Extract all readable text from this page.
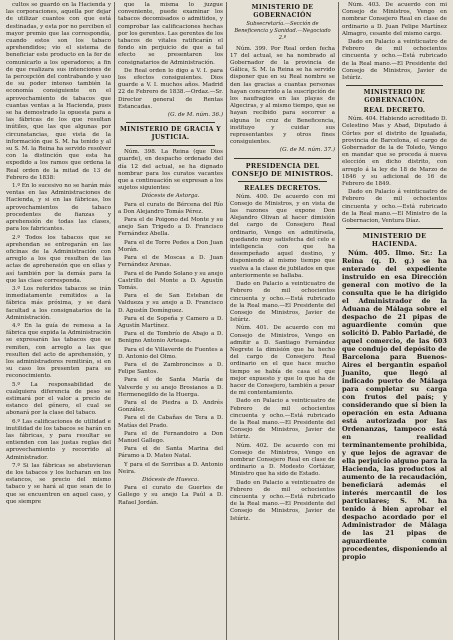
cultos se guardó en la Hacienda y las corporaciones, aquella por dejar de utilizar cuantos con que está destinadas, y esta por no perciben el mayor premio que las correspondía, cuando estos son los tabaco aprehendidos; vio el sistema de beneficiar este producto en la fer de comunicarlo a los operadores; a fin de que realizara sus intenciones de la percepción del contrabando y uso de su poder intenso también la economía consiguiente en el aprovechamiento de tabacos que cuantas ventas a la Hacienda, pues se ha demostrado la opuesta para a las fábricas de los que resultan inútiles, que las que algunas por circunstancias, que vista de la información que S. M. ha tenido y al su S. M. la Reina ha servido resolver con la distinción que esta ha expedido a los ramos que ordena la Real orden de la mitad de 13 de Febrero de 1838:

1.º En lo sucesivo no se harán más ventas en las Administraciones de Hacienda, y si en las fábricas, los aprovechamientos de tabaco procedentes de fianzas y aprehensión de todas las clases, para los fabricantes.

2.º Todos los tabacos que se aprehendan se entregarán en las oficinas de la Administración con arreglo a los que resulten de las actas de aprehensión que en ellas y así también por la demás para la que las clase corresponda.

3.º Los referidos tabacos se irán inmediatamente remitidos a la fábrica más próxima, y se dará facultad a los consignatarios de la Administración.

4.º En la guía de remesa a la fábrica que expida la Administración se expresarán las tabacos que se remiten, con arreglo a las que resulten del acto de aprehensión, y los administradores remitirán, si en su caso los presenten para su reconocimiento.

5.º La responsabilidad de cualquiera diferencia de peso se estimará por el valor a precio de estanco del género, el cual se abonará por la clase del tabaco.

6.º Las calificaciones de utilidad e inutilidad de los tabacos se harán en las fábricas, y para resultar se entienden con las justas reglas del aprovechamiento y recorrido al Administrador.

7.º Si las fábricas se abstuvieran de los tabacos y los lucharan en los estancos, se precio del mismo tabaco y se hará al que sean de lo que se encuentren en aquel caso, y que siempre

que la misma lo juzgue conveniente, puede examinar los tabacos decomisados o admitidos, y comprobar las calificaciones hechas por los gerentes. Las gerentes de los tabacos de vitales ratificarán el fondo sin perjuicio de que a tal efecto se presentaren los consignatarios de Administración.

De Real orden lo digo a V. I. para los efectos consiguientes. Dios guarde a V. I. muchos años. Madrid 22 de Febrero de 1838.—Ordaz.—Sr. Director general de Rentas Estancadas.

(G. de M. núm. 36.)
MINISTERIO DE GRACIA Y JUSTICIA.

Núm. 398. La Reina (que Dios guarde), en despacho ordenado del día 12 del actual, se ha dignado nombrar para los curatos vacantes que a continuación se expresan a los sujetos siguientes:

Diócesis de Astorga.

Para el curato de Bércena del Río a Don Alejandro Tomás Pérez.

Para el de Poigono del Monte y su anejo San Trigedo a D. Francisco Fernández Abella.

Para el de Torre Pedes a Don Juan Morán.

Para el de Moscas a D. Juan Fernández Arenas.

Para el de Pando Solano y su anejo Castrillo del Monte a D. Agustín Tomás.

Para el de San Esteban de Valdueza y su anejo a D. Francisco D. Agustín Domínguez.

Para el de Sopeña y Camero a D. Agustín Martínez.

Para el de Tombrío de Abajo a D. Benigno Antonio Arteaga.

Para el de Villaverde de Fuentes a D. Antonio del Olmo.

Para el de Zambroncinos a D. Felipe Santos.

Para el de Santa María de Valverde y su anejo Brosianos a D. Hermenegildo de la Huerga.

Para el de Piedra a D. Andrés González.

Para el de Cabañas de Tera a D. Matías del Prado.

Para el de Fernandoiro a Don Manuel Gallego.

Para el de Santa Marina del Páramo a D. Mateo Natal.

Y para el de Sorribas a D. Antonio Neira.

Diócesis de Huesca.

Para el curato de Guertes de Gallego y su anejo La Paúl a D. Rafael Jordán.

MINISTERIO DE GOBERNACIÓN
Subsecretaría.—Sección de Beneficencia y Sanidad.—Negociado 2.º

Núm. 399. Por Real orden fecha 17 del actual, se ha nombrado al Gobernador de la provincia de Gálica, S. M. la Reina se ha servido disponer que en su Real nombre se den las gracias a cuantas personas hayan concurrido a la suscripción de los naufragios en las playas de Algeciras, y al mismo tiempo, que se hayan recibido para socorrer a alguna le cruz de Beneficencia, instituyo y cuidar sus representantes y otros fines consiguientes.

(G. de M. núm. 37.)
PRESIDENCIA DEL CONSEJO DE MINISTROS.
REALES DECRETOS.

Núm. 400. De acuerdo con mi Consejo de Ministros, y en vista de las razones que expone Don Alejandro Olivan al hacer dimisión del cargo de Consejero Real ordinario, Vengo en admitírsela, quedando muy satisfecha del celo e inteligencia con que ha desempeñado aquel destino, y disponiendo al mismo tiempo que vuelva a la clase de jubilados en que anteriormente se hallaba.

Dado en Palacio a veinticuatro de Febrero de mil ochocientos cincuenta y ocho.—Está rubricado de la Real mano.—El Presidente del Consejo de Ministros, Javier de Istúriz.

Núm. 401. De acuerdo con mi Consejo de Ministros, Vengo en admitir a D. Santiago Fernández Negrete la dimisión que ha hecho del cargo de Consejero Real ordinario en el que hace mucho tiempo se había de casa el que mejor expuesto y que lo que ha de hacer de Consejero, también a pesar de mi contentamiento.

Dado en Palacio a veinticuatro de Febrero de mil ochocientos cincuenta y ocho.—Está rubricado de la Real mano.—El Presidente del Consejo de Ministros, Javier de Istúriz.

Núm. 402. De acuerdo con mi Consejo de Ministros, Vengo en nombrar Consejero Real en clase de ordinario a D. Modesto Cortázar, Ministro que ha sido de Estado.

Dado en Palacio a veinticuatro de Febrero de mil ochocientos cincuenta y ocho.—Está rubricado de la Real mano.—El Presidente del Consejo de Ministros, Javier de Istúriz.

Núm. 403. De acuerdo con mi Consejo de Ministros, Vengo en nombrar Consejero Real en clase de ordinario a D. Juan Felipe Martínez Almagro, cesante del mismo cargo.

Dado en Palacio a veinticuatro de Febrero de mil ochocientos cincuenta y ocho.—Está rubricado de la Real mano.—El Presidente del Consejo de Ministros, Javier de Istúriz.

MINISTERIO DE GOBERNACIÓN.
REAL DECRETO.

Núm. 404. Habiendo acreditado D. Celestino Mas y Abad, Diputado á Córtes por el distrito de Igualada, provincia de Barcelona, el cargo de Gobernador de la de Toledo, Vengo en mandar que se proceda á nueva elección en dicho distrito, con arreglo á la ley de 18 de Marzo de 1846 y su adicional de 16 de Febrero de 1849.

Dado en Palacio á veinticuatro de Febrero de mil ochocientos cincuenta y ocho.—Está rubricado de la Real mano.—El Ministro de la Gobernacion, Ventura Díaz.

MINISTERIO DE HACIENDA.

Núm. 405. Ilmo. Sr.: La Reina (q. D. g.) se ha enterado del expediente instruido en esa Dirección general con motivo de la consulta que le ha dirigido el Administrador de la Aduana de Málaga sobre el despacho de 21 pipas de aguardiente común que solicitó D. Pablo Parladé, de aquel comercio, de las 603 que condujo del depósito de Barcelona para Buenos-Aires el bergantin español Juanito, que llegó al indicado puerto de Málaga para completar su carga con frutos del país; y considerando que si bien la operación en esta Aduana está autorizada por las Ordenanzas, tampoco está en realidad terminantemente prohibida, y que lejos de agravar de ella perjuicio alguno para la Hacienda, las productos al aumento de la recaudación, beneficiará además el interés mercantil de los particulares; S. M. ha tenido á bien aprobar el despacho acordado por el Administrador de Málaga de las 21 pipas de aguardiente común procedentes, disponiendo al propio
